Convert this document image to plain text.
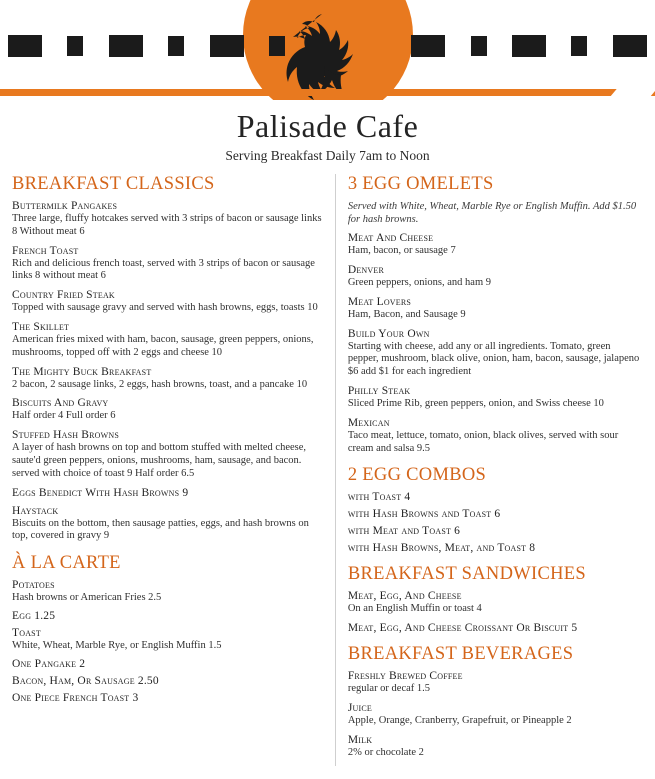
Palisade Cafe
Serving Breakfast Daily 7am to Noon
BREAKFAST CLASSICS
Buttermilk Pangakes
Three large, fluffy hotcakes served with 3 strips of bacon or sausage links 8 Without meat 6
French Toast
Rich and delicious french toast, served with 3 strips of bacon or sausage links 8 without meat 6
Country Fried Steak
Topped with sausage gravy and served with hash browns, eggs, toasts 10
The Skillet
American fries mixed with ham, bacon, sausage, green peppers, onions, mushrooms, topped off with 2 eggs and cheese 10
The Mighty Buck Breakfast
2 bacon, 2 sausage links, 2 eggs, hash browns, toast, and a pancake 10
Biscuits And Gravy
Half order 4 Full order 6
Stuffed Hash Browns
A layer of hash browns on top and bottom stuffed with melted cheese, saute'd green peppers, onions, mushrooms, ham, sausage, and bacon. served with choice of toast 9 Half order 6.5
Eggs Benedict With Hash Browns 9
Haystack
Biscuits on the bottom, then sausage patties, eggs, and hash browns on top, covered in gravy 9
À LA CARTE
Potatoes
Hash browns or American Fries 2.5
Egg 1.25
Toast
White, Wheat, Marble Rye, or English Muffin 1.5
One Pangake 2
Bacon, Ham, Or Sausage 2.50
One Piece French Toast 3
3 EGG OMELETS
Served with White, Wheat, Marble Rye or English Muffin. Add $1.50 for hash browns.
Meat And Cheese
Ham, bacon, or sausage 7
Denver
Green peppers, onions, and ham 9
Meat Lovers
Ham, Bacon, and Sausage 9
Build Your Own
Starting with cheese, add any or all ingredients. Tomato, green pepper, mushroom, black olive, onion, ham, bacon, sausage, jalapeno $6 add $1 for each ingredient
Philly Steak
Sliced Prime Rib, green peppers, onion, and Swiss cheese 10
Mexican
Taco meat, lettuce, tomato, onion, black olives, served with sour cream and salsa 9.5
2 EGG COMBOS
with Toast 4
with Hash Browns and Toast 6
with Meat and Toast 6
with Hash Browns, Meat, and Toast 8
BREAKFAST SANDWICHES
Meat, Egg, And Cheese
On an English Muffin or toast 4
Meat, Egg, And Cheese Croissant Or Biscuit 5
BREAKFAST BEVERAGES
Freshly Brewed Coffee
regular or decaf 1.5
Juice
Apple, Orange, Cranberry, Grapefruit, or Pineapple 2
Milk
2% or chocolate 2
